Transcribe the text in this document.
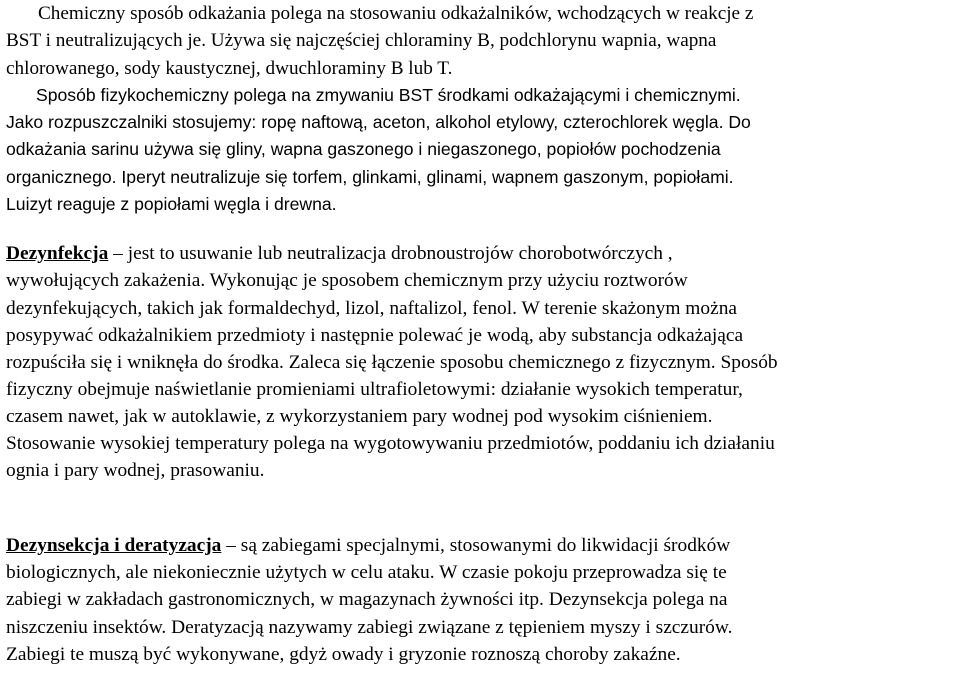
Chemiczny sposób odkażania polega na stosowaniu odkażalników, wchodzących w reakcje z
BST i neutralizujących je. Używa się najczęściej chloraminy B, podchlorynu wapnia, wapna
chlorowanego, sody kaustycznej, dwuchloraminy B lub T.
Sposób fizykochemiczny polega na zmywaniu BST środkami odkażającymi i chemicznymi.
Jako rozpuszczalniki stosujemy: ropę naftową, aceton, alkohol etylowy, czterochlorek węgla. Do
odkażania sarinu używa się gliny, wapna gaszonego i niegaszonego, popiołów pochodzenia
organicznego. Iperyt neutralizuje się torfem, glinkami, glinami, wapnem gaszonym, popiołami.
Luizyt reaguje z popiołami węgla i drewna.
Dezynfekcja – jest to usuwanie lub neutralizacja drobnoustrojów chorobotwórczych ,
wywołujących zakażenia. Wykonując je sposobem chemicznym przy użyciu roztworów
dezynfekujących, takich jak formaldechyd, lizol, naftalizol, fenol. W terenie skażonym można
posypywać odkażalnikiem przedmioty i następnie polewać je wodą, aby substancja odkażająca
rozpuściła się i wniknęła do środka. Zaleca się łączenie sposobu chemicznego z fizycznym. Sposób
fizyczny obejmuje naświetlanie promieniami ultrafioletowymi: działanie wysokich temperatur,
czasem nawet, jak w autoklawie, z wykorzystaniem pary wodnej pod wysokim ciśnieniem.
Stosowanie wysokiej temperatury polega na wygotowywaniu przedmiotów, poddaniu ich działaniu
ognia i pary wodnej, prasowaniu.
Dezynsekcja i deratyzacja – są zabiegami specjalnymi, stosowanymi do likwidacji środków
biologicznych, ale niekoniecznie użytych w celu ataku. W czasie pokoju przeprowadza się te
zabiegi w zakładach gastronomicznych, w magazynach żywności itp. Dezynsekcja polega na
niszczeniu insektów. Deratyzacją nazywamy zabiegi związane z tępieniem myszy i szczurów.
Zabiegi te muszą być wykonywane, gdyż owady i gryzonie roznoszą choroby zakaźne.
